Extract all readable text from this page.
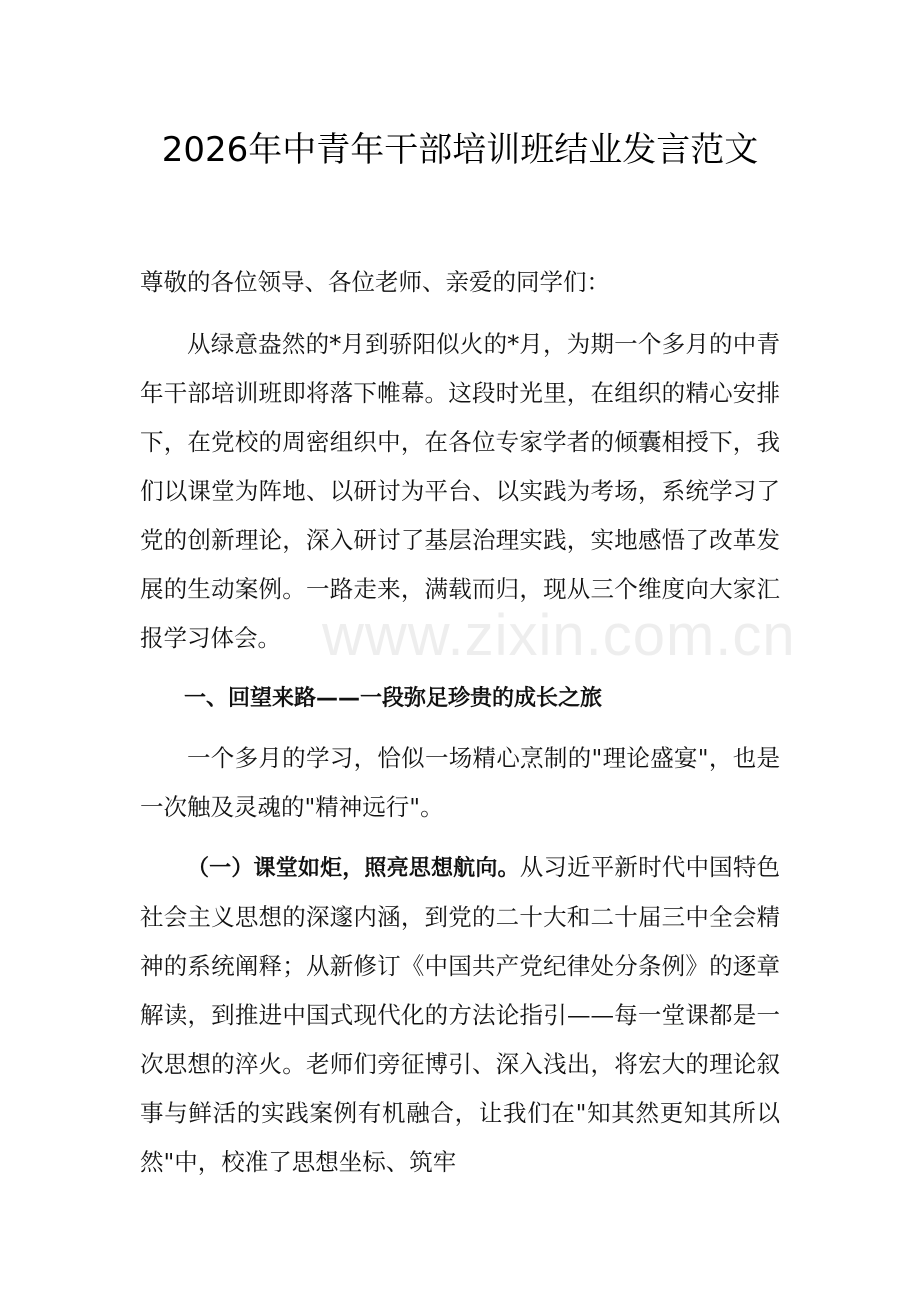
2026年中青年干部培训班结业发言范文

尊敬的各位领导、各位老师、亲爱的同学们：

从绿意盎然的*月到骄阳似火的*月，为期一个多月的中青年干部培训班即将落下帷幕。这段时光里，在组织的精心安排下，在党校的周密组织中，在各位专家学者的倾囊相授下，我们以课堂为阵地、以研讨为平台、以实践为考场，系统学习了党的创新理论，深入研讨了基层治理实践，实地感悟了改革发展的生动案例。一路走来，满载而归，现从三个维度向大家汇报学习体会。

一、回望来路——一段弥足珍贵的成长之旅

一个多月的学习，恰似一场精心烹制的"理论盛宴"，也是一次触及灵魂的"精神远行"。

（一）课堂如炬，照亮思想航向。从习近平新时代中国特色社会主义思想的深邃内涵，到党的二十大和二十届三中全会精神的系统阐释；从新修订《中国共产党纪律处分条例》的逐章解读，到推进中国式现代化的方法论指引——每一堂课都是一次思想的淬火。老师们旁征博引、深入浅出，将宏大的理论叙事与鲜活的实践案例有机融合，让我们在"知其然更知其所以然"中，校准了思想坐标、筑牢

www.zixin.com.cn
